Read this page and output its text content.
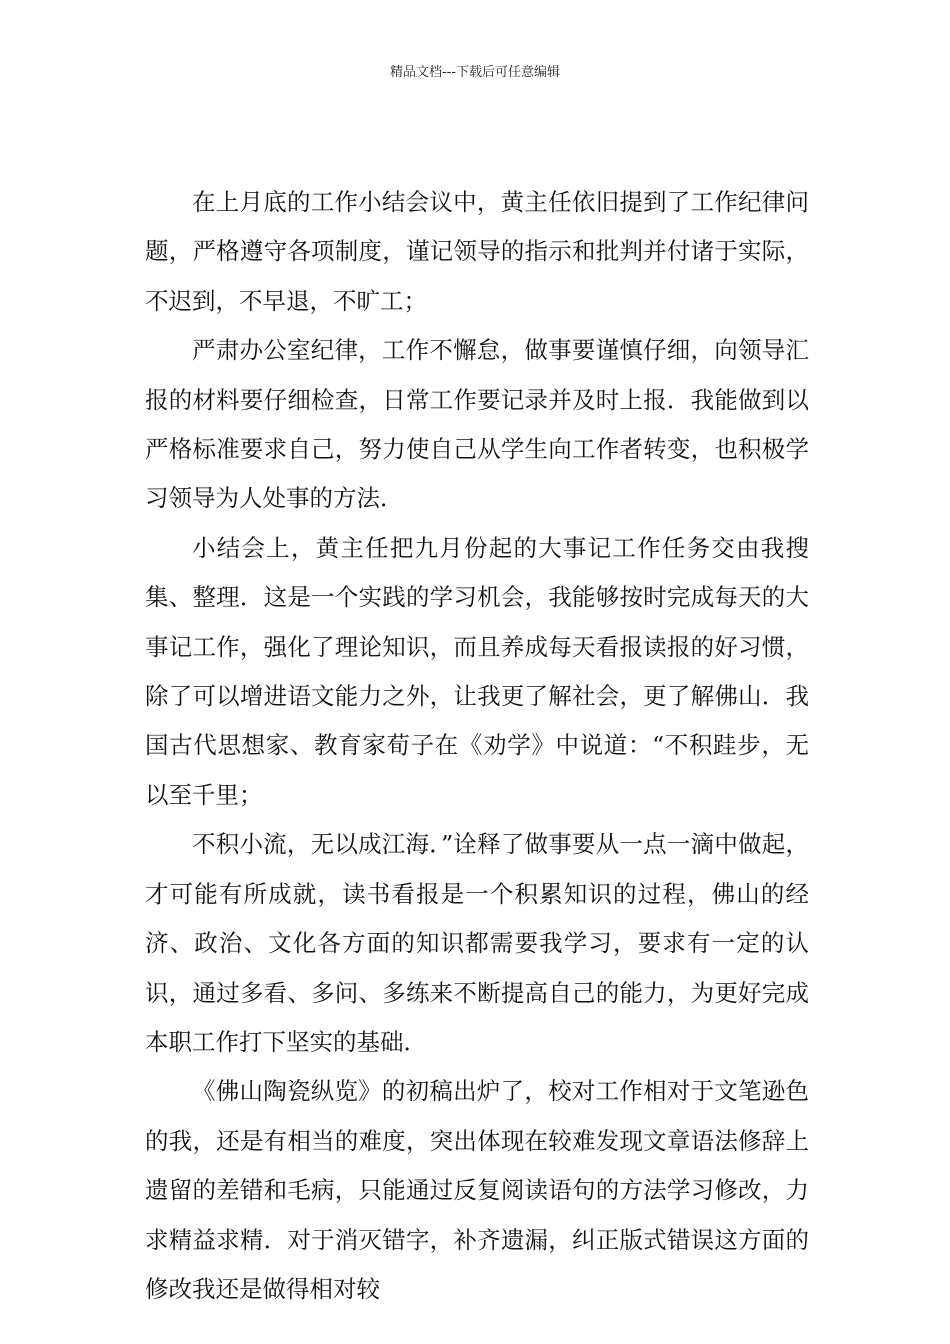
精品文档---下载后可任意编辑

在上月底的工作小结会议中，黄主任依旧提到了工作纪律问题，严格遵守各项制度，谨记领导的指示和批判并付诸于实际，不迟到，不早退，不旷工；

严肃办公室纪律，工作不懈怠，做事要谨慎仔细，向领导汇报的材料要仔细检查，日常工作要记录并及时上报．我能做到以严格标准要求自己，努力使自己从学生向工作者转变，也积极学习领导为人处事的方法．

小结会上，黄主任把九月份起的大事记工作任务交由我搜集、整理．这是一个实践的学习机会，我能够按时完成每天的大事记工作，强化了理论知识，而且养成每天看报读报的好习惯，除了可以增进语文能力之外，让我更了解社会，更了解佛山．我国古代思想家、教育家荀子在《劝学》中说道：“不积跬步，无以至千里；

不积小流，无以成江海．”诠释了做事要从一点一滴中做起，才可能有所成就，读书看报是一个积累知识的过程，佛山的经济、政治、文化各方面的知识都需要我学习，要求有一定的认识，通过多看、多问、多练来不断提高自己的能力，为更好完成本职工作打下坚实的基础．

《佛山陶瓷纵览》的初稿出炉了，校对工作相对于文笔逊色的我，还是有相当的难度，突出体现在较难发现文章语法修辞上遗留的差错和毛病，只能通过反复阅读语句的方法学习修改，力求精益求精．对于消灭错字，补齐遗漏，纠正版式错误这方面的修改我还是做得相对较
